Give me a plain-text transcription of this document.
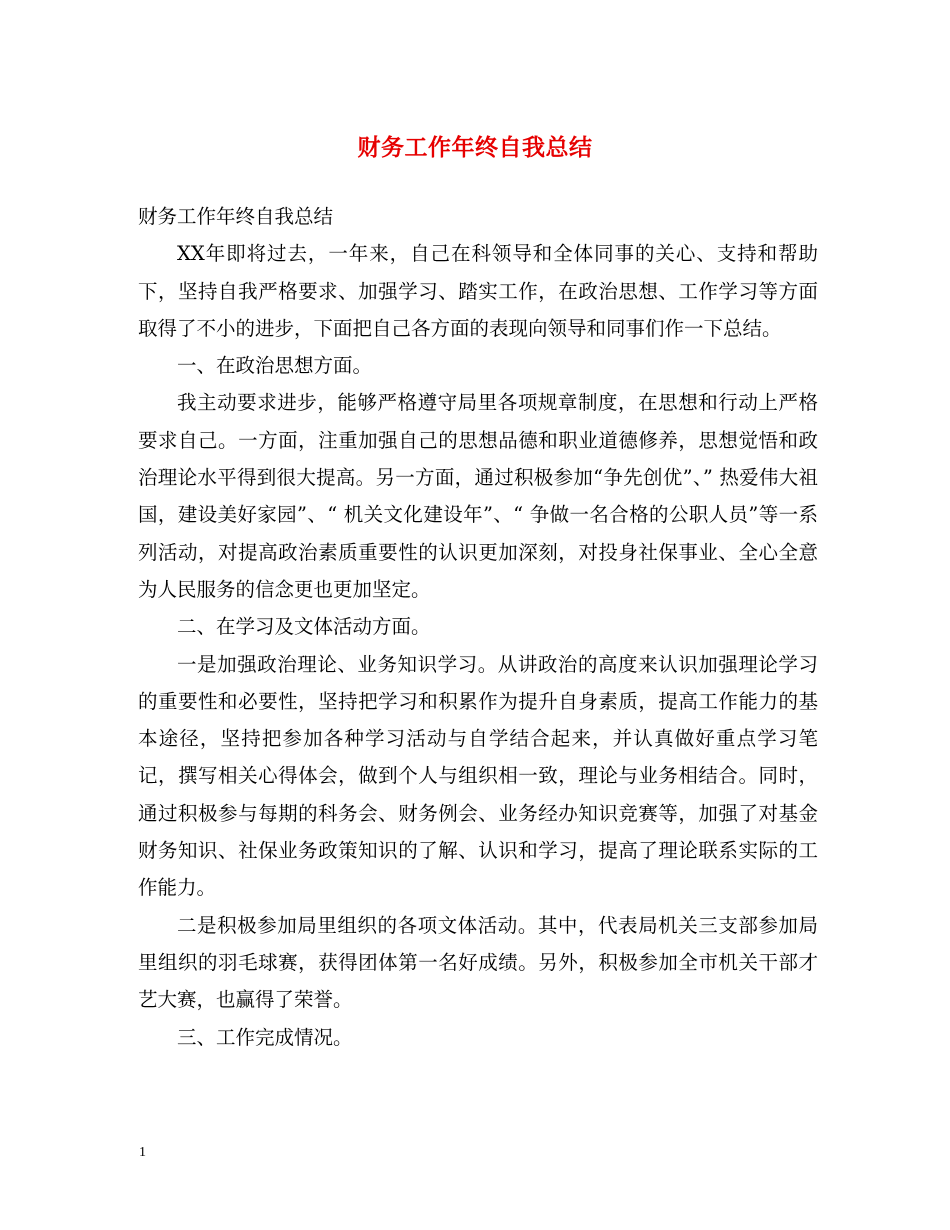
财务工作年终自我总结

财务工作年终自我总结

XX年即将过去，一年来，自己在科领导和全体同事的关心、支持和帮助下，坚持自我严格要求、加强学习、踏实工作，在政治思想、工作学习等方面取得了不小的进步，下面把自己各方面的表现向领导和同事们作一下总结。

一、在政治思想方面。

我主动要求进步，能够严格遵守局里各项规章制度，在思想和行动上严格要求自己。一方面，注重加强自己的思想品德和职业道德修养，思想觉悟和政治理论水平得到很大提高。另一方面，通过积极参加“争先创优”、” 热爱伟大祖国，建设美好家园”、“ 机关文化建设年”、“ 争做一名合格的公职人员”等一系列活动，对提高政治素质重要性的认识更加深刻，对投身社保事业、全心全意为人民服务的信念更也更加坚定。

二、在学习及文体活动方面。

一是加强政治理论、业务知识学习。从讲政治的高度来认识加强理论学习的重要性和必要性，坚持把学习和积累作为提升自身素质，提高工作能力的基本途径，坚持把参加各种学习活动与自学结合起来，并认真做好重点学习笔记，撰写相关心得体会，做到个人与组织相一致，理论与业务相结合。同时，通过积极参与每期的科务会、财务例会、业务经办知识竞赛等，加强了对基金财务知识、社保业务政策知识的了解、认识和学习，提高了理论联系实际的工作能力。

二是积极参加局里组织的各项文体活动。其中，代表局机关三支部参加局里组织的羽毛球赛，获得团体第一名好成绩。另外，积极参加全市机关干部才艺大赛，也赢得了荣誉。

三、工作完成情况。

1
